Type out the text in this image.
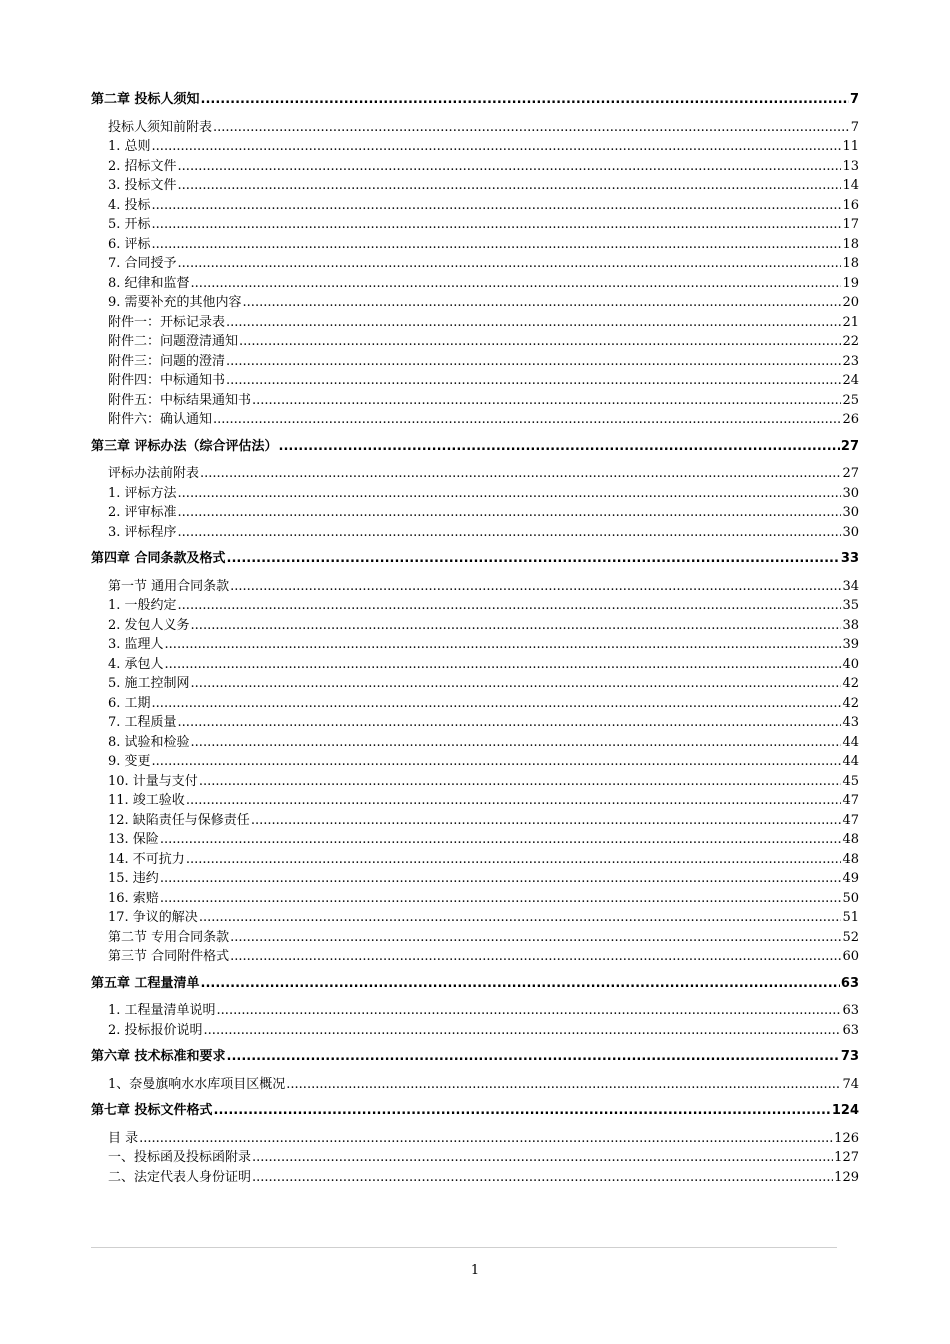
第二章 投标人须知 .....	7
投标人须知前附表 .....	7
1. 总则 .....	11
2. 招标文件 .....	13
3. 投标文件 .....	14
4. 投标 .....	16
5. 开标 .....	17
6. 评标 .....	18
7. 合同授予 .....	18
8. 纪律和监督 .....	19
9. 需要补充的其他内容 .....	20
附件一：开标记录表 .....	21
附件二：问题澄清通知 .....	22
附件三：问题的澄清 .....	23
附件四：中标通知书 .....	24
附件五：中标结果通知书 .....	25
附件六：确认通知 .....	26
第三章 评标办法（综合评估法） .....	27
评标办法前附表 .....	27
1. 评标方法 .....	30
2. 评审标准 .....	30
3. 评标程序 .....	30
第四章 合同条款及格式 .....	33
第一节 通用合同条款 .....	34
1. 一般约定 .....	35
2. 发包人义务 .....	38
3. 监理人 .....	39
4. 承包人 .....	40
5. 施工控制网 .....	42
6. 工期 .....	42
7. 工程质量 .....	43
8. 试验和检验 .....	44
9. 变更 .....	44
10. 计量与支付 .....	45
11. 竣工验收 .....	47
12. 缺陷责任与保修责任 .....	47
13. 保险 .....	48
14. 不可抗力 .....	48
15. 违约 .....	49
16. 索赔 .....	50
17. 争议的解决 .....	51
第二节 专用合同条款 .....	52
第三节 合同附件格式 .....	60
第五章 工程量清单 .....	63
1. 工程量清单说明 .....	63
2. 投标报价说明 .....	63
第六章 技术标准和要求 .....	73
1、奈曼旗响水水库项目区概况 .....	74
第七章 投标文件格式 .....	124
目 录 .....	126
一、投标函及投标函附录 .....	127
二、法定代表人身份证明 .....	129
1
